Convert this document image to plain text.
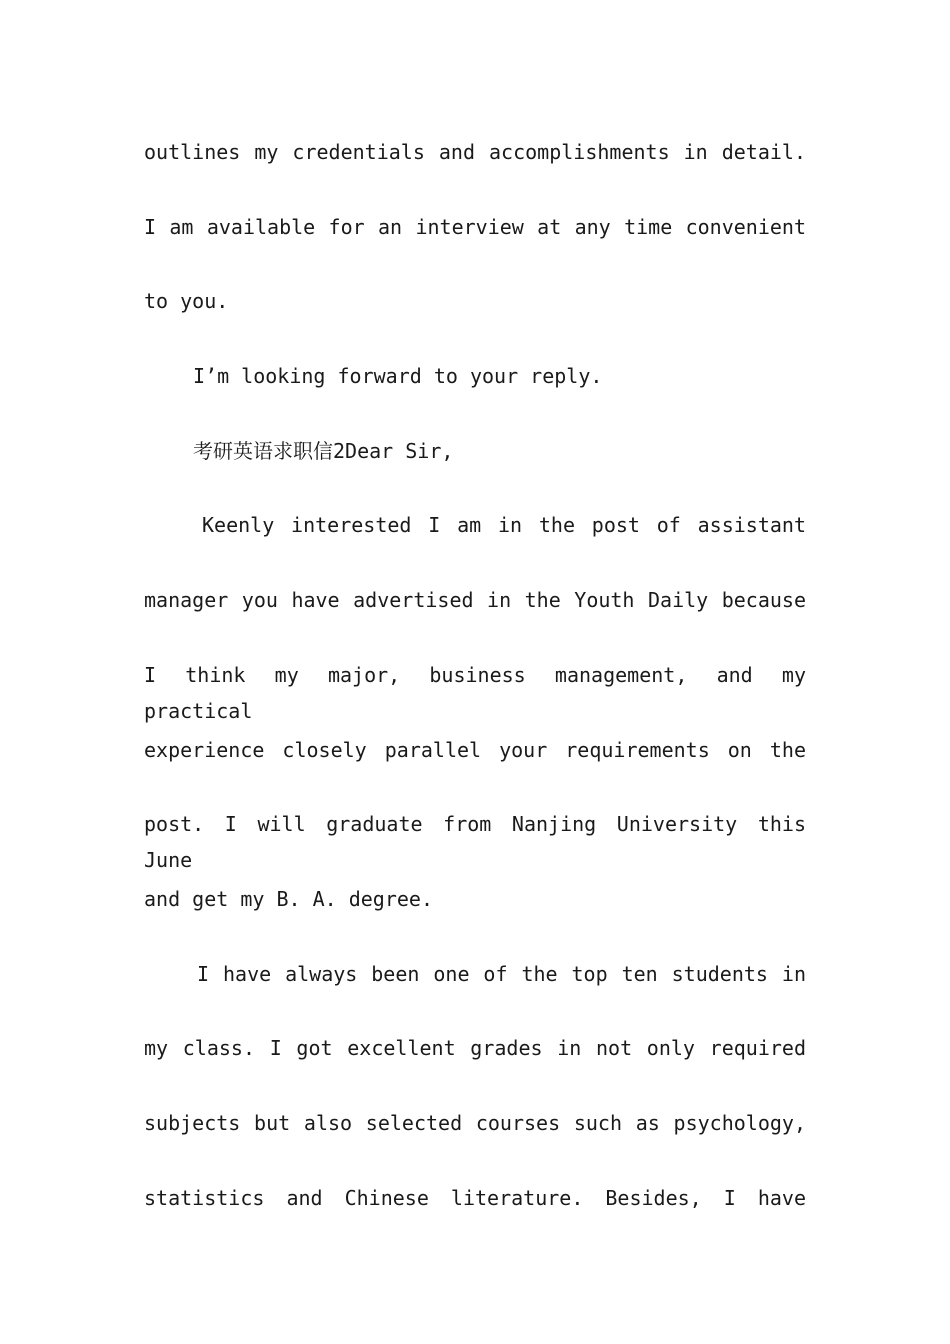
outlines my credentials and accomplishments in detail.
I am available for an interview at any time convenient
to you.
I’m looking forward to your reply.
考研英语求职信2Dear Sir,
Keenly interested I am in the post of assistant
manager you have advertised in the Youth Daily because
I think my major, business management, and my practical
experience closely parallel your requirements on the
post. I will graduate from Nanjing University this June
and get my B. A. degree.
I have always been one of the top ten students in
my class. I got excellent grades in not only required
subjects but also selected courses such as psychology,
statistics and Chinese literature. Besides, I have
